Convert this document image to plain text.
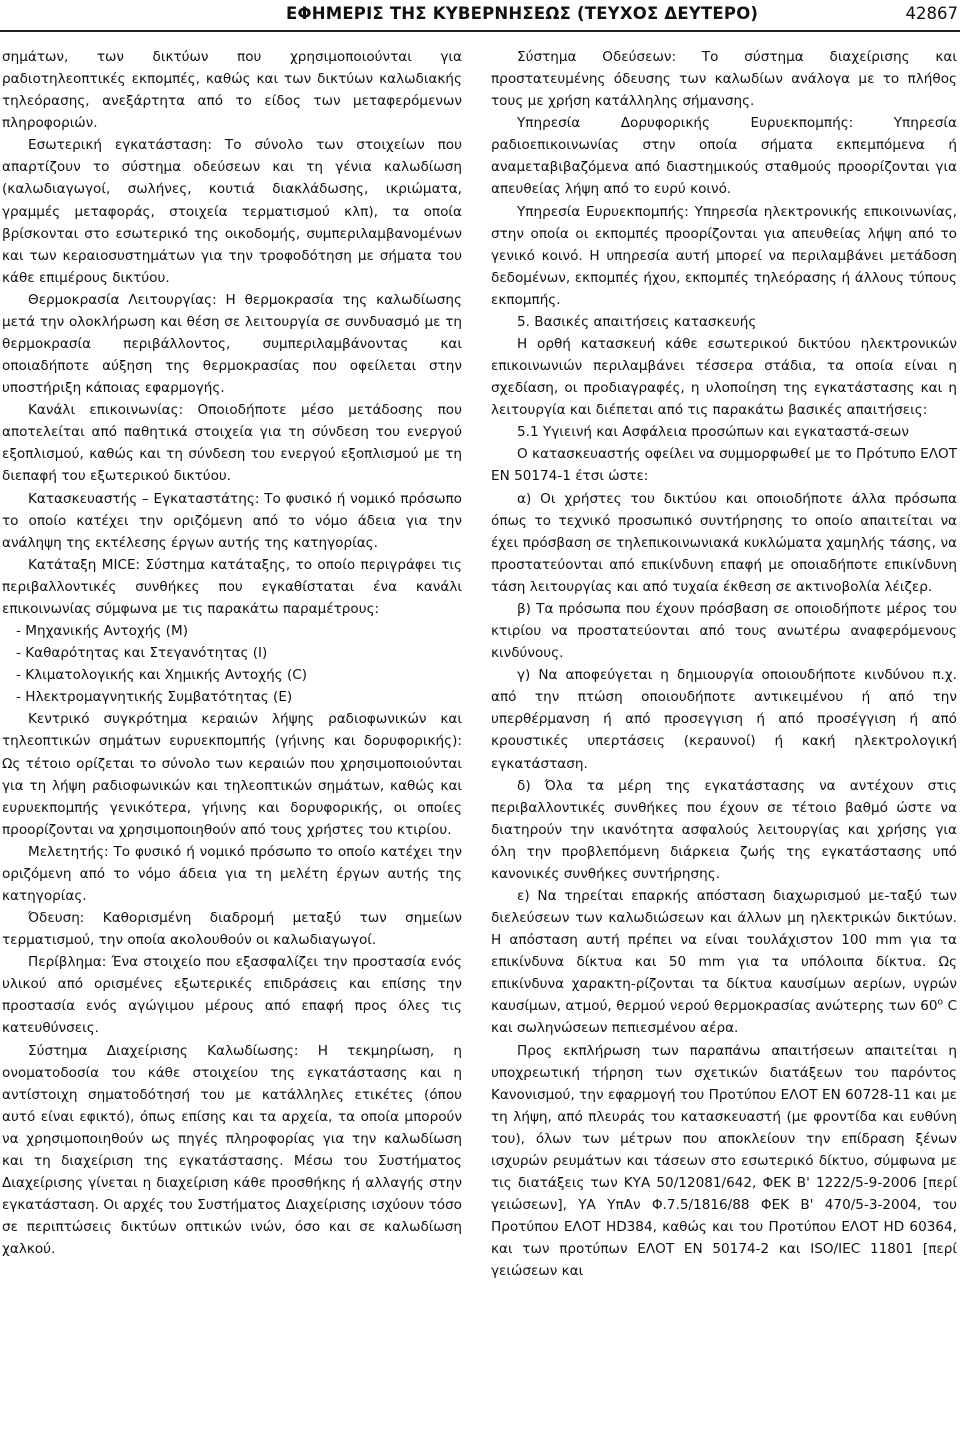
ΕΦΗΜΕΡΙΣ ΤΗΣ ΚΥΒΕΡΝΗΣΕΩΣ (ΤΕΥΧΟΣ ΔΕΥΤΕΡΟ)	42867

σηµάτων, των δικτύων που χρησιµοποιούνται για ραδιοτηλεοπτικές εκποµπές, καθώς και των δικτύων καλωδιακής τηλεόρασης, ανεξάρτητα από το είδος των µεταφερόµενων πληροφοριών.

Εσωτερική εγκατάσταση: Το σύνολο των στοιχείων που απαρτίζουν το σύστηµα οδεύσεων και τη γένια καλωδίωση (καλωδιαγωγοί, σωλήνες, κουτιά διακλάδωσης, ικριώµατα, γραµµές µεταφοράς, στοιχεία τερµατισµού κλπ), τα οποία βρίσκονται στο εσωτερικό της οικοδοµής, συµπεριλαµβανοµένων και των κεραιοσυστηµάτων για την τροφοδότηση µε σήµατα του κάθε επιµέρους δικτύου.

Θερµοκρασία Λειτουργίας: Η θερµοκρασία της καλωδίωσης µετά την ολοκλήρωση και θέση σε λειτουργία σε συνδυασµό µε τη θερµοκρασία περιβάλλοντος, συµπεριλαµβάνοντας και οποιαδήποτε αύξηση της θερµοκρασίας που οφείλεται στην υποστήριξη κάποιας εφαρµογής.

Κανάλι επικοινωνίας: Οποιοδήποτε µέσο µετάδοσης που αποτελείται από παθητικά στοιχεία για τη σύνδεση του ενεργού εξοπλισµού, καθώς και τη σύνδεση του ενεργού εξοπλισµού µε τη διεπαφή του εξωτερικού δικτύου.

Κατασκευαστής – Εγκαταστάτης: Το φυσικό ή νοµικό πρόσωπο το οποίο κατέχει την οριζόµενη από το νόµο άδεια για την ανάληψη της εκτέλεσης έργων αυτής της κατηγορίας.

Κατάταξη MICE: Σύστηµα κατάταξης, το οποίο περιγράφει τις περιβαλλοντικές συνθήκες που εγκαθίσταται ένα κανάλι επικοινωνίας σύµφωνα µε τις παρακάτω παραµέτρους:

- Μηχανικής Αντοχής (M)

- Καθαρότητας και Στεγανότητας (I)

- Κλιµατολογικής και Χηµικής Αντοχής (C)

- Ηλεκτροµαγνητικής Συµβατότητας (E)

Κεντρικό συγκρότηµα κεραιών λήψης ραδιοφωνικών και τηλεοπτικών σηµάτων ευρυεκποµπής (γήινης και δορυφορικής): Ως τέτοιο ορίζεται το σύνολο των κεραιών που χρησιµοποιούνται για τη λήψη ραδιοφωνικών και τηλεοπτικών σηµάτων, καθώς και ευρυεκποµπής γενικότερα, γήινης και δορυφορικής, οι οποίες προορίζονται να χρησιµοποιηθούν από τους χρήστες του κτιρίου.

Μελετητής: Το φυσικό ή νοµικό πρόσωπο το οποίο κατέχει την οριζόµενη από το νόµο άδεια για τη µελέτη έργων αυτής της κατηγορίας.

Όδευση: Καθορισµένη διαδροµή µεταξύ των σηµείων τερµατισµού, την οποία ακολουθούν οι καλωδιαγωγοί.

Περίβληµα: Ένα στοιχείο που εξασφαλίζει την προστασία ενός υλικού από ορισµένες εξωτερικές επιδράσεις και επίσης την προστασία ενός αγώγιµου µέρους από επαφή προς όλες τις κατευθύνσεις.

Σύστηµα Διαχείρισης Καλωδίωσης: Η τεκµηρίωση, η ονοµατοδοσία του κάθε στοιχείου της εγκατάστασης και η αντίστοιχη σηµατοδότησή του µε κατάλληλες ετικέτες (όπου αυτό είναι εφικτό), όπως επίσης και τα αρχεία, τα οποία µπορούν να χρησιµοποιηθούν ως πηγές πληροφορίας για την καλωδίωση και τη διαχείριση της εγκατάστασης. Μέσω του Συστήµατος Διαχείρισης γίνεται η διαχείριση κάθε προσθήκης ή αλλαγής στην εγκατάσταση. Οι αρχές του Συστήµατος Διαχείρισης ισχύουν τόσο σε περιπτώσεις δικτύων οπτικών ινών, όσο και σε καλωδίωση χαλκού.

Σύστηµα Οδεύσεων: Το σύστηµα διαχείρισης και προστατευµένης όδευσης των καλωδίων ανάλογα µε το πλήθος τους µε χρήση κατάλληλης σήµανσης.

Υπηρεσία Δορυφορικής Ευρυεκποµπής: Υπηρεσία ραδιοεπικοινωνίας στην οποία σήµατα εκπεµπόµενα ή αναµεταβιβαζόµενα από διαστηµικούς σταθµούς προορίζονται για απευθείας λήψη από το ευρύ κοινό.

Υπηρεσία Ευρυεκποµπής: Υπηρεσία ηλεκτρονικής επικοινωνίας, στην οποία οι εκποµπές προορίζονται για απευθείας λήψη από το γενικό κοινό. Η υπηρεσία αυτή µπορεί να περιλαµβάνει µετάδοση δεδοµένων, εκποµπές ήχου, εκποµπές τηλεόρασης ή άλλους τύπους εκποµπής.

5. Βασικές απαιτήσεις κατασκευής

Η ορθή κατασκευή κάθε εσωτερικού δικτύου ηλεκτρονικών επικοινωνιών περιλαµβάνει τέσσερα στάδια, τα οποία είναι η σχεδίαση, οι προδιαγραφές, η υλοποίηση της εγκατάστασης και η λειτουργία και διέπεται από τις παρακάτω βασικές απαιτήσεις:

5.1 Υγιεινή και Ασφάλεια προσώπων και εγκαταστά-σεων

Ο κατασκευαστής οφείλει να συµµορφωθεί µε το Πρότυπο ΕΛΟΤ ΕΝ 50174-1 έτσι ώστε:

α) Οι χρήστες του δικτύου και οποιοδήποτε άλλα πρόσωπα όπως το τεχνικό προσωπικό συντήρησης το οποίο απαιτείται να έχει πρόσβαση σε τηλεπικοινωνιακά κυκλώµατα χαµηλής τάσης, να προστατεύονται από επικίνδυνη επαφή µε οποιαδήποτε επικίνδυνη τάση λειτουργίας και από τυχαία έκθεση σε ακτινοβολία λέιζερ.

β) Τα πρόσωπα που έχουν πρόσβαση σε οποιοδήποτε µέρος του κτιρίου να προστατεύονται από τους ανωτέρω αναφερόµενους κινδύνους.

γ) Να αποφεύγεται η δηµιουργία οποιουδήποτε κινδύνου π.χ. από την πτώση οποιουδήποτε αντικειµένου ή από την υπερθέρµανση ή από προσεγγιση ή από προσέγγιση ή από κρουστικές υπερτάσεις (κεραυνοί) ή κακή ηλεκτρολογική εγκατάσταση.

δ) Όλα τα µέρη της εγκατάστασης να αντέχουν στις περιβαλλοντικές συνθήκες που έχουν σε τέτοιο βαθµό ώστε να διατηρούν την ικανότητα ασφαλούς λειτουργίας και χρήσης για όλη την προβλεπόµενη διάρκεια ζωής της εγκατάστασης υπό κανονικές συνθήκες συντήρησης.

ε) Να τηρείται επαρκής απόσταση διαχωρισµού µε-ταξύ των διελεύσεων των καλωδιώσεων και άλλων µη ηλεκτρικών δικτύων. Η απόσταση αυτή πρέπει να είναι τουλάχιστον 100 mm για τα επικίνδυνα δίκτυα και 50 mm για τα υπόλοιπα δίκτυα. Ως επικίνδυνα χαρακτη-ρίζονται τα δίκτυα καυσίµων αερίων, υγρών καυσίµων, ατµού, θερµού νερού θερµοκρασίας ανώτερης των 60$^o$ C και σωληνώσεων πεπιεσµένου αέρα.

Προς εκπλήρωση των παραπάνω απαιτήσεων απαιτείται η υποχρεωτική τήρηση των σχετικών διατάξεων του παρόντος Κανονισµού, την εφαρµογή του Προτύπου ΕΛΟΤ ΕΝ 60728-11 και µε τη λήψη, από πλευράς του κατασκευαστή (µε φροντίδα και ευθύνη του), όλων των µέτρων που αποκλείουν την επίδραση ξένων ισχυρών ρευµάτων και τάσεων στο εσωτερικό δίκτυο, σύµφωνα µε τις διατάξεις των ΚΥΑ 50/12081/642, ΦΕΚ Β' 1222/5-9-2006 [περί γειώσεων], ΥΑ ΥπΑν Φ.7.5/1816/88 ΦΕΚ Β' 470/5-3-2004, του Προτύπου ΕΛΟΤ HD384, καθώς και του Προτύπου ΕΛΟΤ HD 60364, και των προτύπων ΕΛΟΤ ΕΝ 50174-2 και ISO/IEC 11801 [περί γειώσεων και
